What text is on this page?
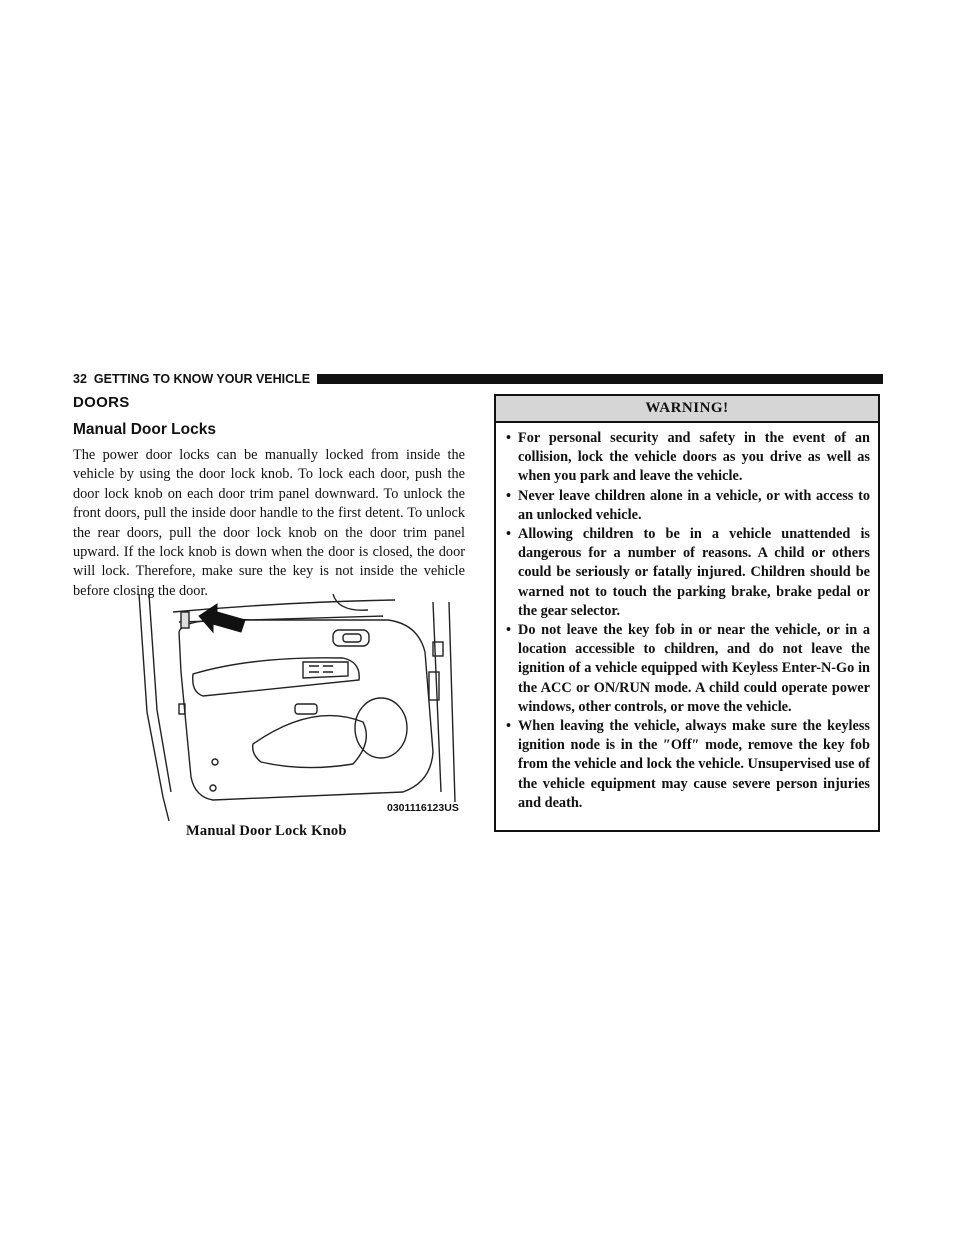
32 GETTING TO KNOW YOUR VEHICLE
DOORS
Manual Door Locks
The power door locks can be manually locked from inside the vehicle by using the door lock knob. To lock each door, push the door lock knob on each door trim panel downward. To unlock the front doors, pull the inside door handle to the first detent. To unlock the rear doors, pull the door lock knob on the door trim panel upward. If the lock knob is down when the door is closed, the door will lock. Therefore, make sure the key is not inside the vehicle before closing the door.
0301116123US
Manual Door Lock Knob
WARNING!
• For personal security and safety in the event of an collision, lock the vehicle doors as you drive as well as when you park and leave the vehicle.
• Never leave children alone in a vehicle, or with access to an unlocked vehicle.
• Allowing children to be in a vehicle unattended is dangerous for a number of reasons. A child or others could be seriously or fatally injured. Children should be warned not to touch the parking brake, brake pedal or the gear selector.
• Do not leave the key fob in or near the vehicle, or in a location accessible to children, and do not leave the ignition of a vehicle equipped with Keyless Enter-N-Go in the ACC or ON/RUN mode. A child could operate power windows, other controls, or move the vehicle.
• When leaving the vehicle, always make sure the keyless ignition node is in the ″Off″ mode, remove the key fob from the vehicle and lock the vehicle. Unsupervised use of the vehicle equipment may cause severe person injuries and death.
